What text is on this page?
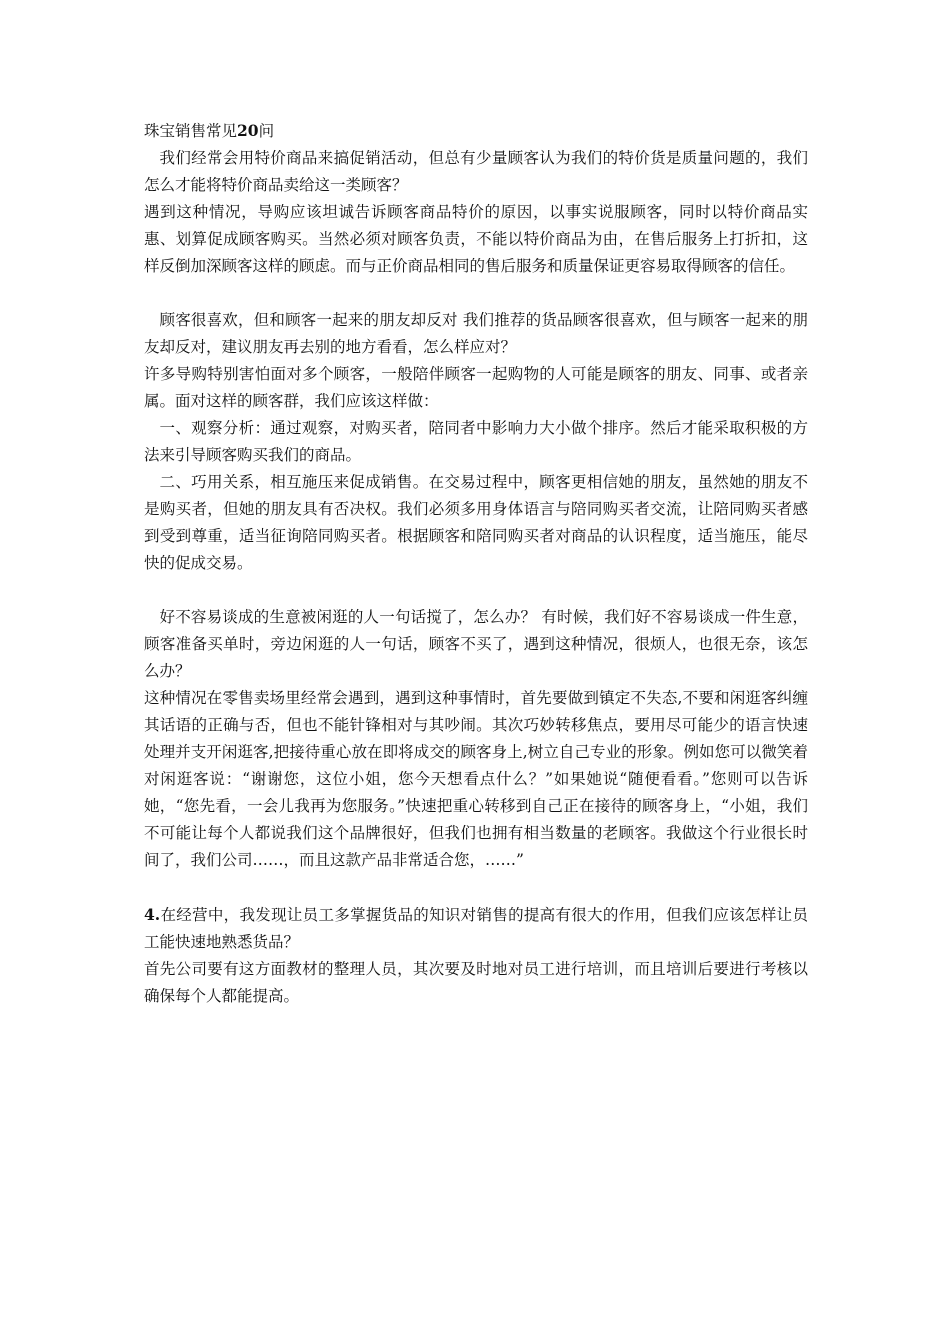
珠宝销售常见20问

我们经常会用特价商品来搞促销活动，但总有少量顾客认为我们的特价货是质量问题的，我们怎么才能将特价商品卖给这一类顾客？

遇到这种情况，导购应该坦诚告诉顾客商品特价的原因，以事实说服顾客，同时以特价商品实惠、划算促成顾客购买。当然必须对顾客负责，不能以特价商品为由，在售后服务上打折扣，这样反倒加深顾客这样的顾虑。而与正价商品相同的售后服务和质量保证更容易取得顾客的信任。

顾客很喜欢，但和顾客一起来的朋友却反对 我们推荐的货品顾客很喜欢，但与顾客一起来的朋友却反对，建议朋友再去别的地方看看，怎么样应对？

许多导购特别害怕面对多个顾客，一般陪伴顾客一起购物的人可能是顾客的朋友、同事、或者亲属。面对这样的顾客群，我们应该这样做：

一、观察分析：通过观察，对购买者，陪同者中影响力大小做个排序。然后才能采取积极的方法来引导顾客购买我们的商品。

二、巧用关系，相互施压来促成销售。在交易过程中，顾客更相信她的朋友，虽然她的朋友不是购买者，但她的朋友具有否决权。我们必须多用身体语言与陪同购买者交流，让陪同购买者感到受到尊重，适当征询陪同购买者。根据顾客和陪同购买者对商品的认识程度，适当施压，能尽快的促成交易。

好不容易谈成的生意被闲逛的人一句话搅了，怎么办？ 有时候，我们好不容易谈成一件生意，顾客准备买单时，旁边闲逛的人一句话，顾客不买了，遇到这种情况，很烦人，也很无奈，该怎么办？

这种情况在零售卖场里经常会遇到，遇到这种事情时，首先要做到镇定不失态,不要和闲逛客纠缠其话语的正确与否，但也不能针锋相对与其吵闹。其次巧妙转移焦点，要用尽可能少的语言快速处理并支开闲逛客,把接待重心放在即将成交的顾客身上,树立自己专业的形象。例如您可以微笑着对闲逛客说：“谢谢您，这位小姐，您今天想看点什么？”如果她说“随便看看。”您则可以告诉她，“您先看，一会儿我再为您服务。”快速把重心转移到自己正在接待的顾客身上，“小姐，我们不可能让每个人都说我们这个品牌很好，但我们也拥有相当数量的老顾客。我做这个行业很长时间了，我们公司……，而且这款产品非常适合您，……”

4.在经营中，我发现让员工多掌握货品的知识对销售的提高有很大的作用，但我们应该怎样让员工能快速地熟悉货品？

首先公司要有这方面教材的整理人员，其次要及时地对员工进行培训，而且培训后要进行考核以确保每个人都能提高。
